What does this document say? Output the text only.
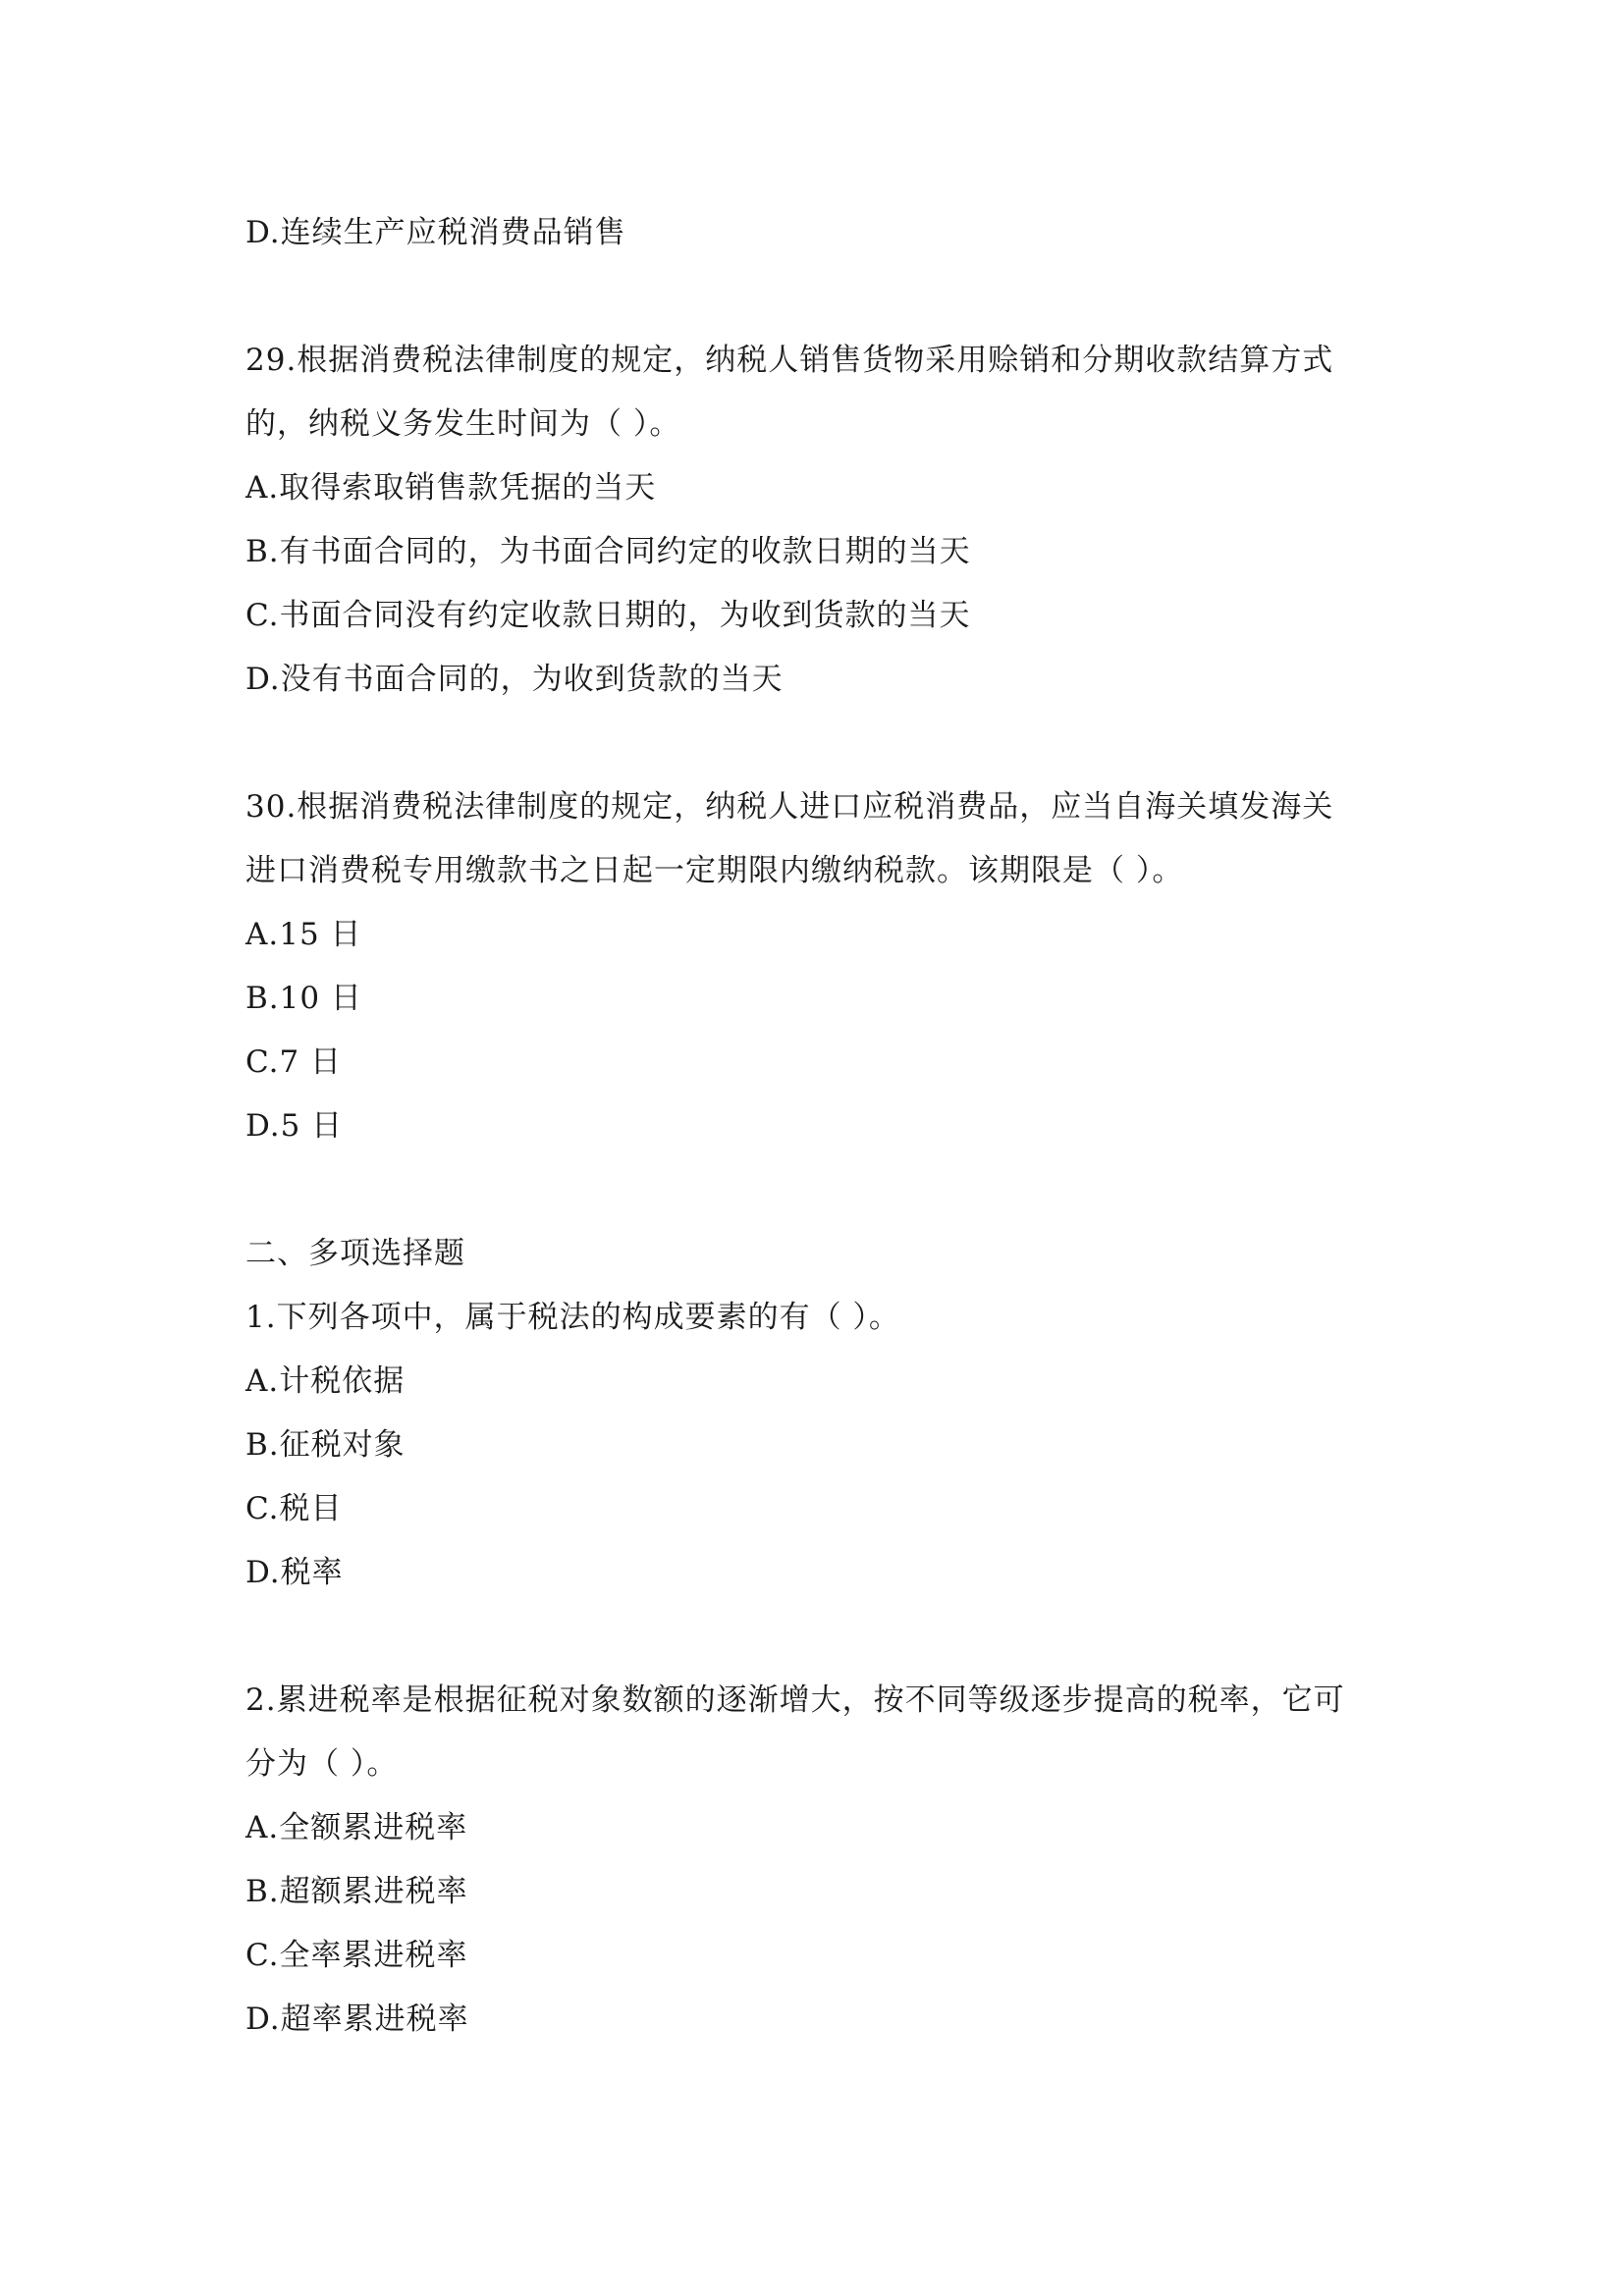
D.连续生产应税消费品销售
29.根据消费税法律制度的规定，纳税人销售货物采用赊销和分期收款结算方式
的，纳税义务发生时间为（ ）。
A.取得索取销售款凭据的当天
B.有书面合同的，为书面合同约定的收款日期的当天
C.书面合同没有约定收款日期的，为收到货款的当天
D.没有书面合同的，为收到货款的当天
30.根据消费税法律制度的规定，纳税人进口应税消费品，应当自海关填发海关
进口消费税专用缴款书之日起一定期限内缴纳税款。该期限是（ ）。
A.15 日
B.10 日
C.7 日
D.5 日
二、多项选择题
1.下列各项中，属于税法的构成要素的有（ ）。
A.计税依据
B.征税对象
C.税目
D.税率
2.累进税率是根据征税对象数额的逐渐增大，按不同等级逐步提高的税率，它可
分为（ ）。
A.全额累进税率
B.超额累进税率
C.全率累进税率
D.超率累进税率
